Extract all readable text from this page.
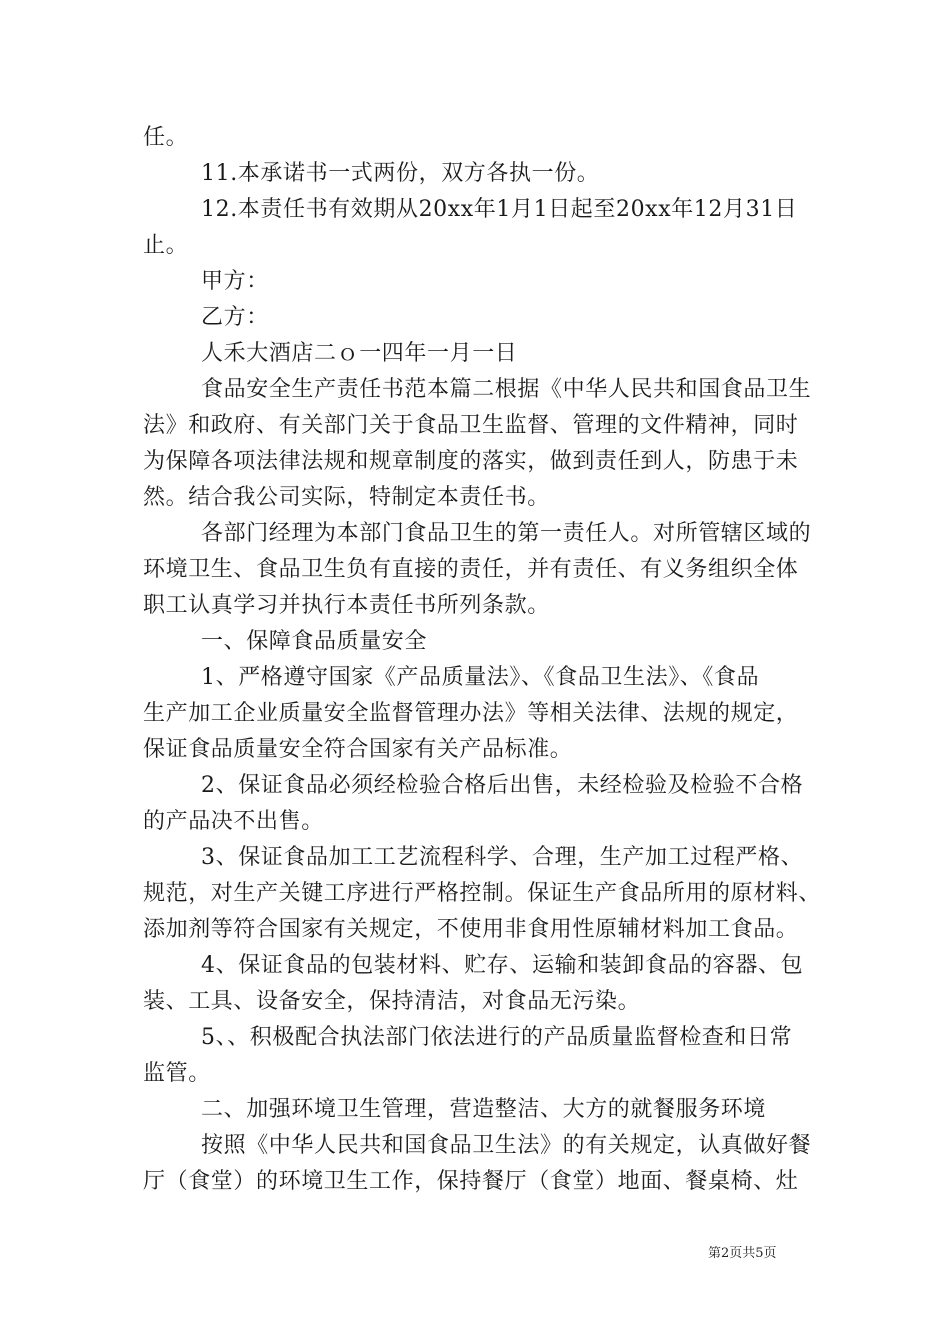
任。
11.本承诺书一式两份，双方各执一份。
12.本责任书有效期从20xx年1月1日起至20xx年12月31日
止。
甲方：
乙方：
人禾大酒店二ｏ一四年一月一日
食品安全生产责任书范本篇二根据《中华人民共和国食品卫生
法》和政府、有关部门关于食品卫生监督、管理的文件精神，同时
为保障各项法律法规和规章制度的落实，做到责任到人，防患于未
然。结合我公司实际，特制定本责任书。
各部门经理为本部门食品卫生的第一责任人。对所管辖区域的
环境卫生、食品卫生负有直接的责任，并有责任、有义务组织全体
职工认真学习并执行本责任书所列条款。
一、保障食品质量安全
1、严格遵守国家《产品质量法》、《食品卫生法》、《食品
生产加工企业质量安全监督管理办法》等相关法律、法规的规定，
保证食品质量安全符合国家有关产品标准。
2、保证食品必须经检验合格后出售，未经检验及检验不合格
的产品决不出售。
3、保证食品加工工艺流程科学、合理，生产加工过程严格、
规范，对生产关键工序进行严格控制。保证生产食品所用的原材料、
添加剂等符合国家有关规定，不使用非食用性原辅材料加工食品。
4、保证食品的包装材料、贮存、运输和装卸食品的容器、包
装、工具、设备安全，保持清洁，对食品无污染。
5、、积极配合执法部门依法进行的产品质量监督检查和日常
监管。
二、加强环境卫生管理，营造整洁、大方的就餐服务环境
按照《中华人民共和国食品卫生法》的有关规定，认真做好餐
厅（食堂）的环境卫生工作，保持餐厅（食堂）地面、餐桌椅、灶
第2页共5页
